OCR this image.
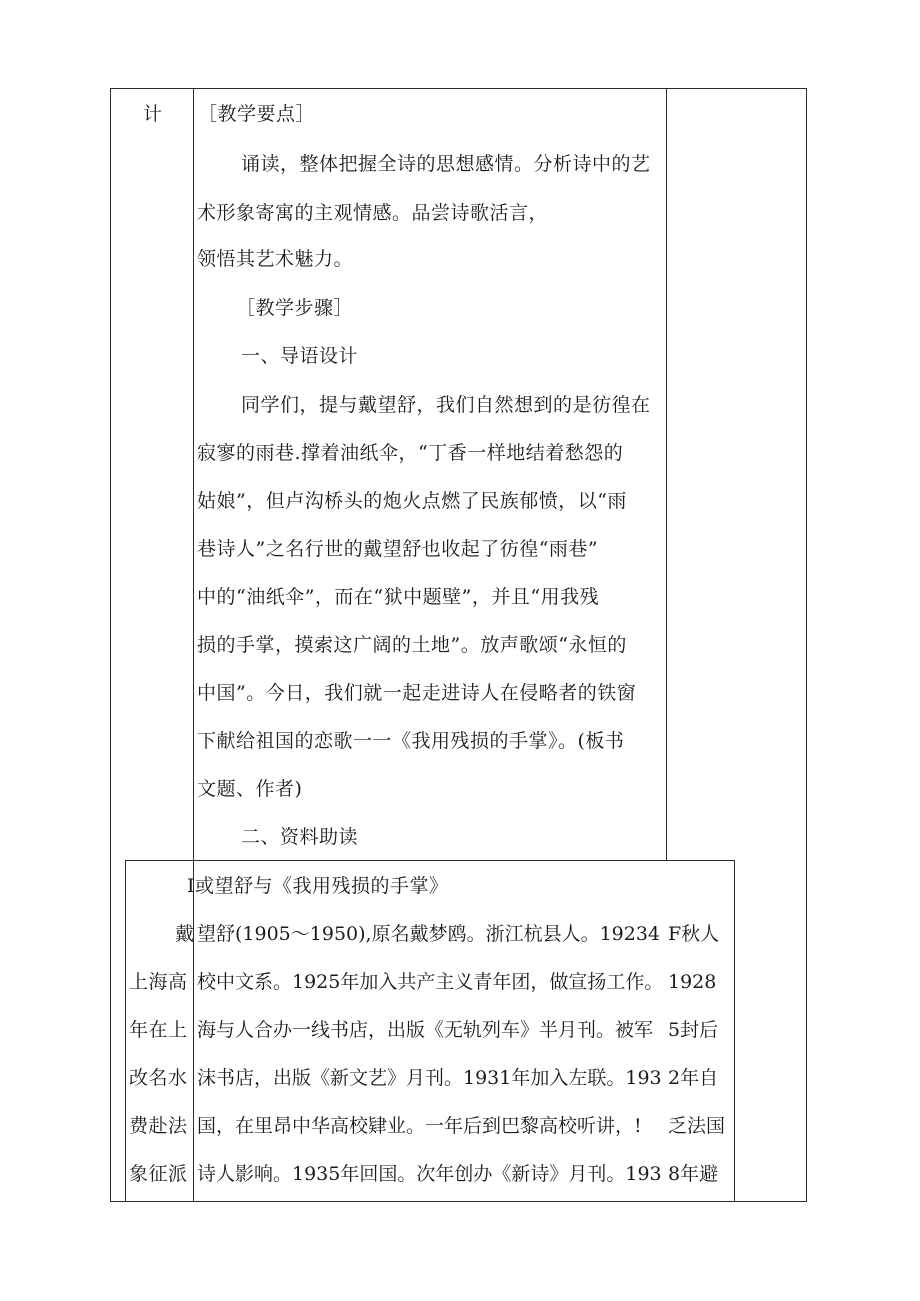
计 ［教学要点］
诵读，整体把握全诗的思想感情。分析诗中的艺
术形象寄寓的主观情感。品尝诗歌活言，
领悟其艺术魅力。
［教学步骤］
一、导语设计
同学们，提与戴望舒，我们自然想到的是彷徨在
寂寥的雨巷.撑着油纸伞，“丁香一样地结着愁怨的
姑娘”，但卢沟桥头的炮火点燃了民族郁愤，以“雨
巷诗人”之名行世的戴望舒也收起了彷徨“雨巷”
中的“油纸伞”，而在“狱中题壁”，并且“用我残
损的手掌，摸索这广阔的土地”。放声歌颂“永恒的
中国”。今日，我们就一起走进诗人在侵略者的铁窗
下献给祖国的恋歌一一《我用残损的手掌》。(板书
文题、作者)
二、资料助读
I或望舒与《我用残损的手掌》
戴
上海高
年在上
改名水
费赴法
象征派
望舒(1905～1950),原名戴梦鸥。浙江杭县人。19234
校中文系。1925年加入共产主义青年团，做宣扬工作。
海与人合办一线书店，出版《无轨列车》半月刊。被军
沫书店，出版《新文艺》月刊。1931年加入左联。193
国，在里昂中华高校肄业。一年后到巴黎高校听讲，!
诗人影响。1935年回国。次年创办《新诗》月刊。193
F秋人
1928
5封后
2年自
乏法国
8年避
